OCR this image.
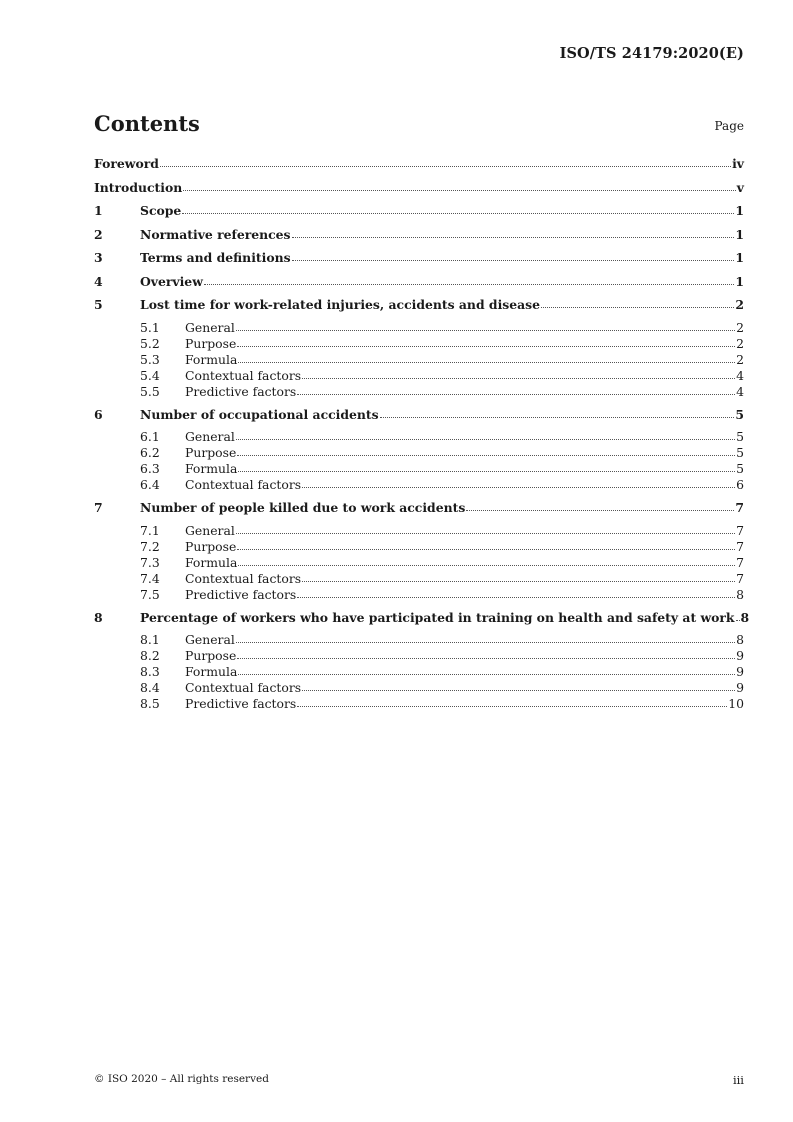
ISO/TS 24179:2020(E)
Contents	Page
Foreword	iv
Introduction	v
1	Scope	1
2	Normative references	1
3	Terms and definitions	1
4	Overview	1
5	Lost time for work-related injuries, accidents and disease	2
5.1 General	2
5.2 Purpose	2
5.3 Formula	2
5.4 Contextual factors	4
5.5 Predictive factors	4
6	Number of occupational accidents	5
6.1 General	5
6.2 Purpose	5
6.3 Formula	5
6.4 Contextual factors	6
7	Number of people killed due to work accidents	7
7.1 General	7
7.2 Purpose	7
7.3 Formula	7
7.4 Contextual factors	7
7.5 Predictive factors	8
8	Percentage of workers who have participated in training on health and safety at work 8
8.1 General	8
8.2 Purpose	9
8.3 Formula	9
8.4 Contextual factors	9
8.5 Predictive factors	10
© ISO 2020 – All rights reserved	iii
